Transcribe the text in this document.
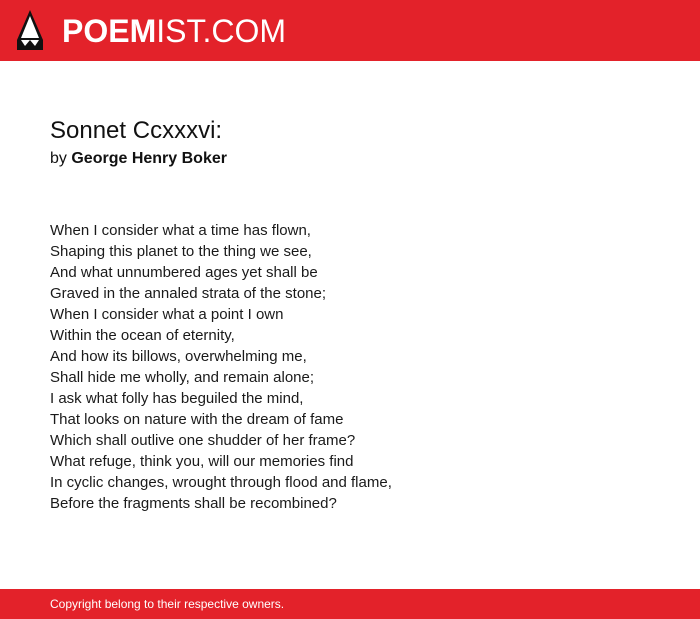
POEMIST.COM
Sonnet Ccxxxvi:
by George Henry Boker
When I consider what a time has flown,
Shaping this planet to the thing we see,
And what unnumbered ages yet shall be
Graved in the annaled strata of the stone;
When I consider what a point I own
Within the ocean of eternity,
And how its billows, overwhelming me,
Shall hide me wholly, and remain alone;
I ask what folly has beguiled the mind,
That looks on nature with the dream of fame
Which shall outlive one shudder of her frame?
What refuge, think you, will our memories find
In cyclic changes, wrought through flood and flame,
Before the fragments shall be recombined?
Copyright belong to their respective owners.
